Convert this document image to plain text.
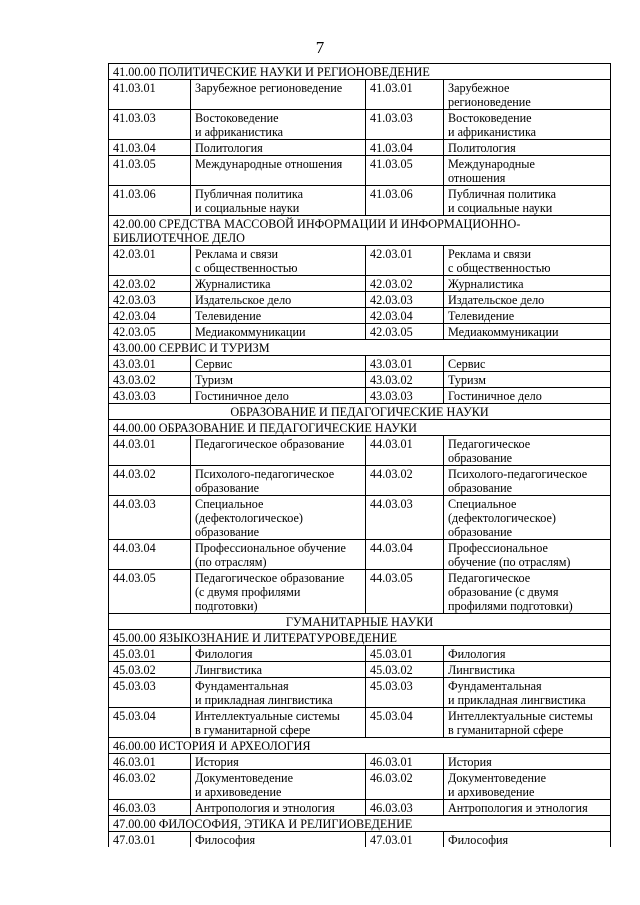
7
41.00.00 ПОЛИТИЧЕСКИЕ НАУКИ И РЕГИОНОВЕДЕНИЕ			
41.03.01	Зарубежное регионоведение	41.03.01	Зарубежное
регионоведение

41.03.03	Востоковедение
и африканистика	41.03.03	Востоковедение
и африканистика

41.03.04	Политология	41.03.04	Политология

41.03.05	Международные отношения	41.03.05	Международные
отношения

41.03.06	Публичная политика
и социальные науки	41.03.06	Публичная политика
и социальные науки

42.00.00 СРЕДСТВА МАССОВОЙ ИНФОРМАЦИИ И ИНФОРМАЦИОННО-
БИБЛИОТЕЧНОЕ ДЕЛО			

42.03.01	Реклама и связи
с общественностью	42.03.01	Реклама и связи
с общественностью

42.03.02	Журналистика	42.03.02	Журналистика

42.03.03	Издательское дело	42.03.03	Издательское дело

42.03.04	Телевидение	42.03.04	Телевидение

42.03.05	Медиакоммуникации	42.03.05	Медиакоммуникации

43.00.00 СЕРВИС И ТУРИЗМ			
43.03.01	Сервис	43.03.01	Сервис

43.03.02	Туризм	43.03.02	Туризм

43.03.03	Гостиничное дело	43.03.03	Гостиничное дело

ОБРАЗОВАНИЕ И ПЕДАГОГИЧЕСКИЕ НАУКИ			
44.00.00 ОБРАЗОВАНИЕ И ПЕДАГОГИЧЕСКИЕ НАУКИ			
44.03.01	Педагогическое образование	44.03.01	Педагогическое
образование

44.03.02	Психолого-педагогическое
образование	44.03.02	Психолого-педагогическое
образование

44.03.03	Специальное
(дефектологическое)
образование	44.03.03	Специальное
(дефектологическое)
образование

44.03.04	Профессиональное обучение
(по отраслям)	44.03.04	Профессиональное
обучение (по отраслям)

44.03.05	Педагогическое образование
(с двумя профилями
подготовки)	44.03.05	Педагогическое
образование (с двумя
профилями подготовки)

ГУМАНИТАРНЫЕ НАУКИ			
45.00.00 ЯЗЫКОЗНАНИЕ И ЛИТЕРАТУРОВЕДЕНИЕ			
45.03.01	Филология	45.03.01	Филология

45.03.02	Лингвистика	45.03.02	Лингвистика

45.03.03	Фундаментальная
и прикладная лингвистика	45.03.03	Фундаментальная
и прикладная лингвистика

45.03.04	Интеллектуальные системы
в гуманитарной сфере	45.03.04	Интеллектуальные системы
в гуманитарной сфере

46.00.00 ИСТОРИЯ И АРХЕОЛОГИЯ			
46.03.01	История	46.03.01	История

46.03.02	Документоведение
и архивоведение	46.03.02	Документоведение
и архивоведение

46.03.03	Антропология и этнология	46.03.03	Антропология и этнология

47.00.00 ФИЛОСОФИЯ, ЭТИКА И РЕЛИГИОВЕДЕНИЕ			
47.03.01	Философия	47.03.01	Философия
